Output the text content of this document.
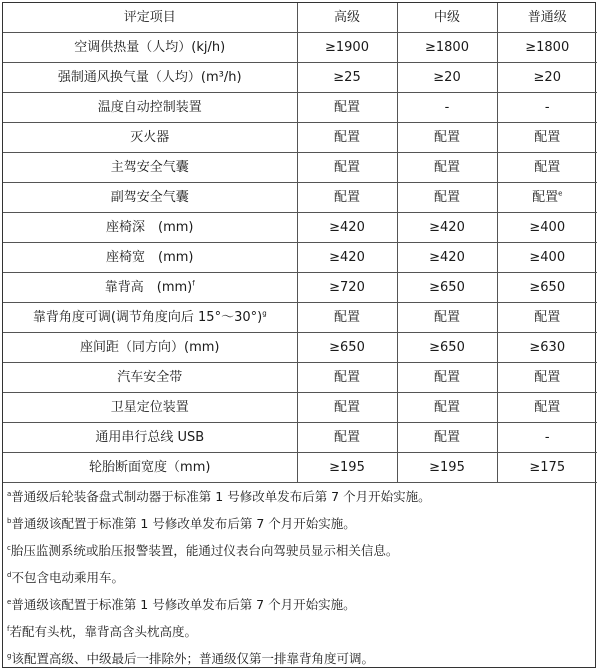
评定项目	高级	中级	普通级
空调供热量（人均）(kj/h)	≥1900	≥1800	≥1800
强制通风换气量（人均）(m³/h)	≥25	≥20	≥20
温度自动控制装置	配置	-	-
灭火器	配置	配置	配置
主驾安全气囊	配置	配置	配置
副驾安全气囊	配置	配置	配置$^e$
座椅深　(mm)	≥420	≥420	≥400
座椅宽　(mm)	≥420	≥420	≥400
靠背高　(mm)$^f$	≥720	≥650	≥650
靠背角度可调(调节角度向后 15°～30°)$^g$	配置	配置	配置
座间距（同方向）(mm)	≥650	≥650	≥630
汽车安全带	配置	配置	配置
卫星定位装置	配置	配置	配置
通用串行总线 USB	配置	配置	-
轮胎断面宽度（mm)	≥195	≥195	≥175
$^a$普通级后轮装备盘式制动器于标准第 1 号修改单发布后第 7 个月开始实施。
$^b$普通级该配置于标准第 1 号修改单发布后第 7 个月开始实施。
$^c$胎压监测系统或胎压报警装置，能通过仪表台向驾驶员显示相关信息。
$^d$不包含电动乘用车。
$^e$普通级该配置于标准第 1 号修改单发布后第 7 个月开始实施。
$^f$若配有头枕，靠背高含头枕高度。
$^g$该配置高级、中级最后一排除外；普通级仅第一排靠背角度可调。
